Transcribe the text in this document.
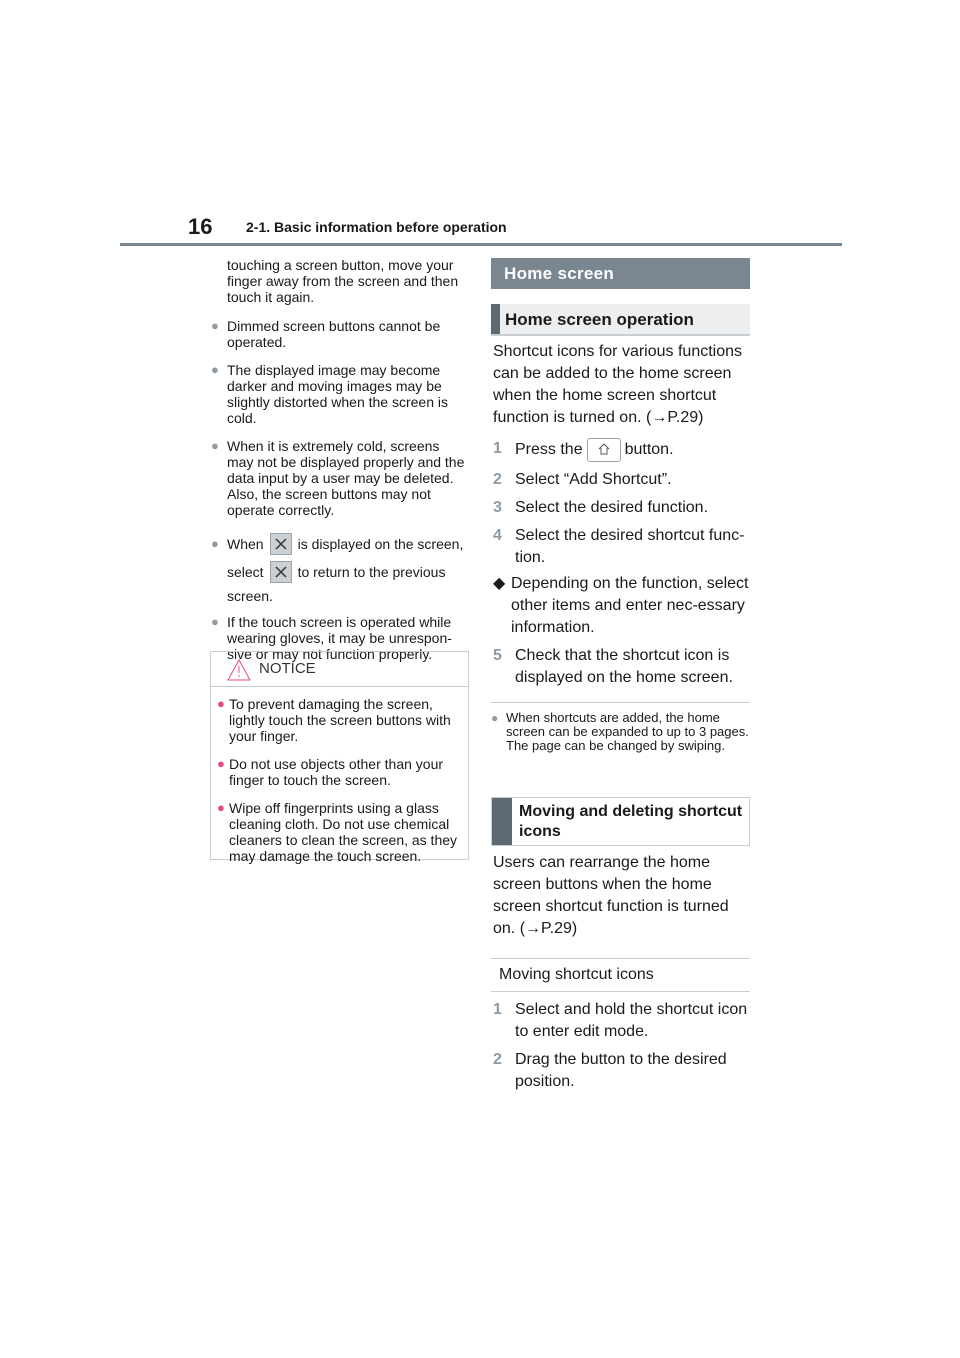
16 2-1. Basic information before operation
touching a screen button, move your finger away from the screen and then touch it again.
● Dimmed screen buttons cannot be operated.
● The displayed image may become darker and moving images may be slightly distorted when the screen is cold.
● When it is extremely cold, screens may not be displayed properly and the data input by a user may be deleted. Also, the screen buttons may not operate correctly.
● When is displayed on the screen,
select to return to the previous
screen.
● If the touch screen is operated while wearing gloves, it may be unrespon-sive or may not function properly.
NOTICE
● To prevent damaging the screen, lightly touch the screen buttons with your finger.
● Do not use objects other than your finger to touch the screen.
● Wipe off fingerprints using a glass cleaning cloth. Do not use chemical cleaners to clean the screen, as they may damage the touch screen.
Home screen
Home screen operation
Shortcut icons for various functions can be added to the home screen when the home screen shortcut function is turned on. (→P.29)
1 Press the	button.
2 Select “Add Shortcut”.
3 Select the desired function.
4 Select the desired shortcut func-tion.
◆ Depending on the function, select other items and enter nec-essary information.
5 Check that the shortcut icon is displayed on the home screen.
● When shortcuts are added, the home screen can be expanded to up to 3 pages. The page can be changed by swiping.
Moving and deleting shortcut icons
Users can rearrange the home screen buttons when the home screen shortcut function is turned on. (→P.29)
Moving shortcut icons
1 Select and hold the shortcut icon to enter edit mode.
2 Drag the button to the desired position.
